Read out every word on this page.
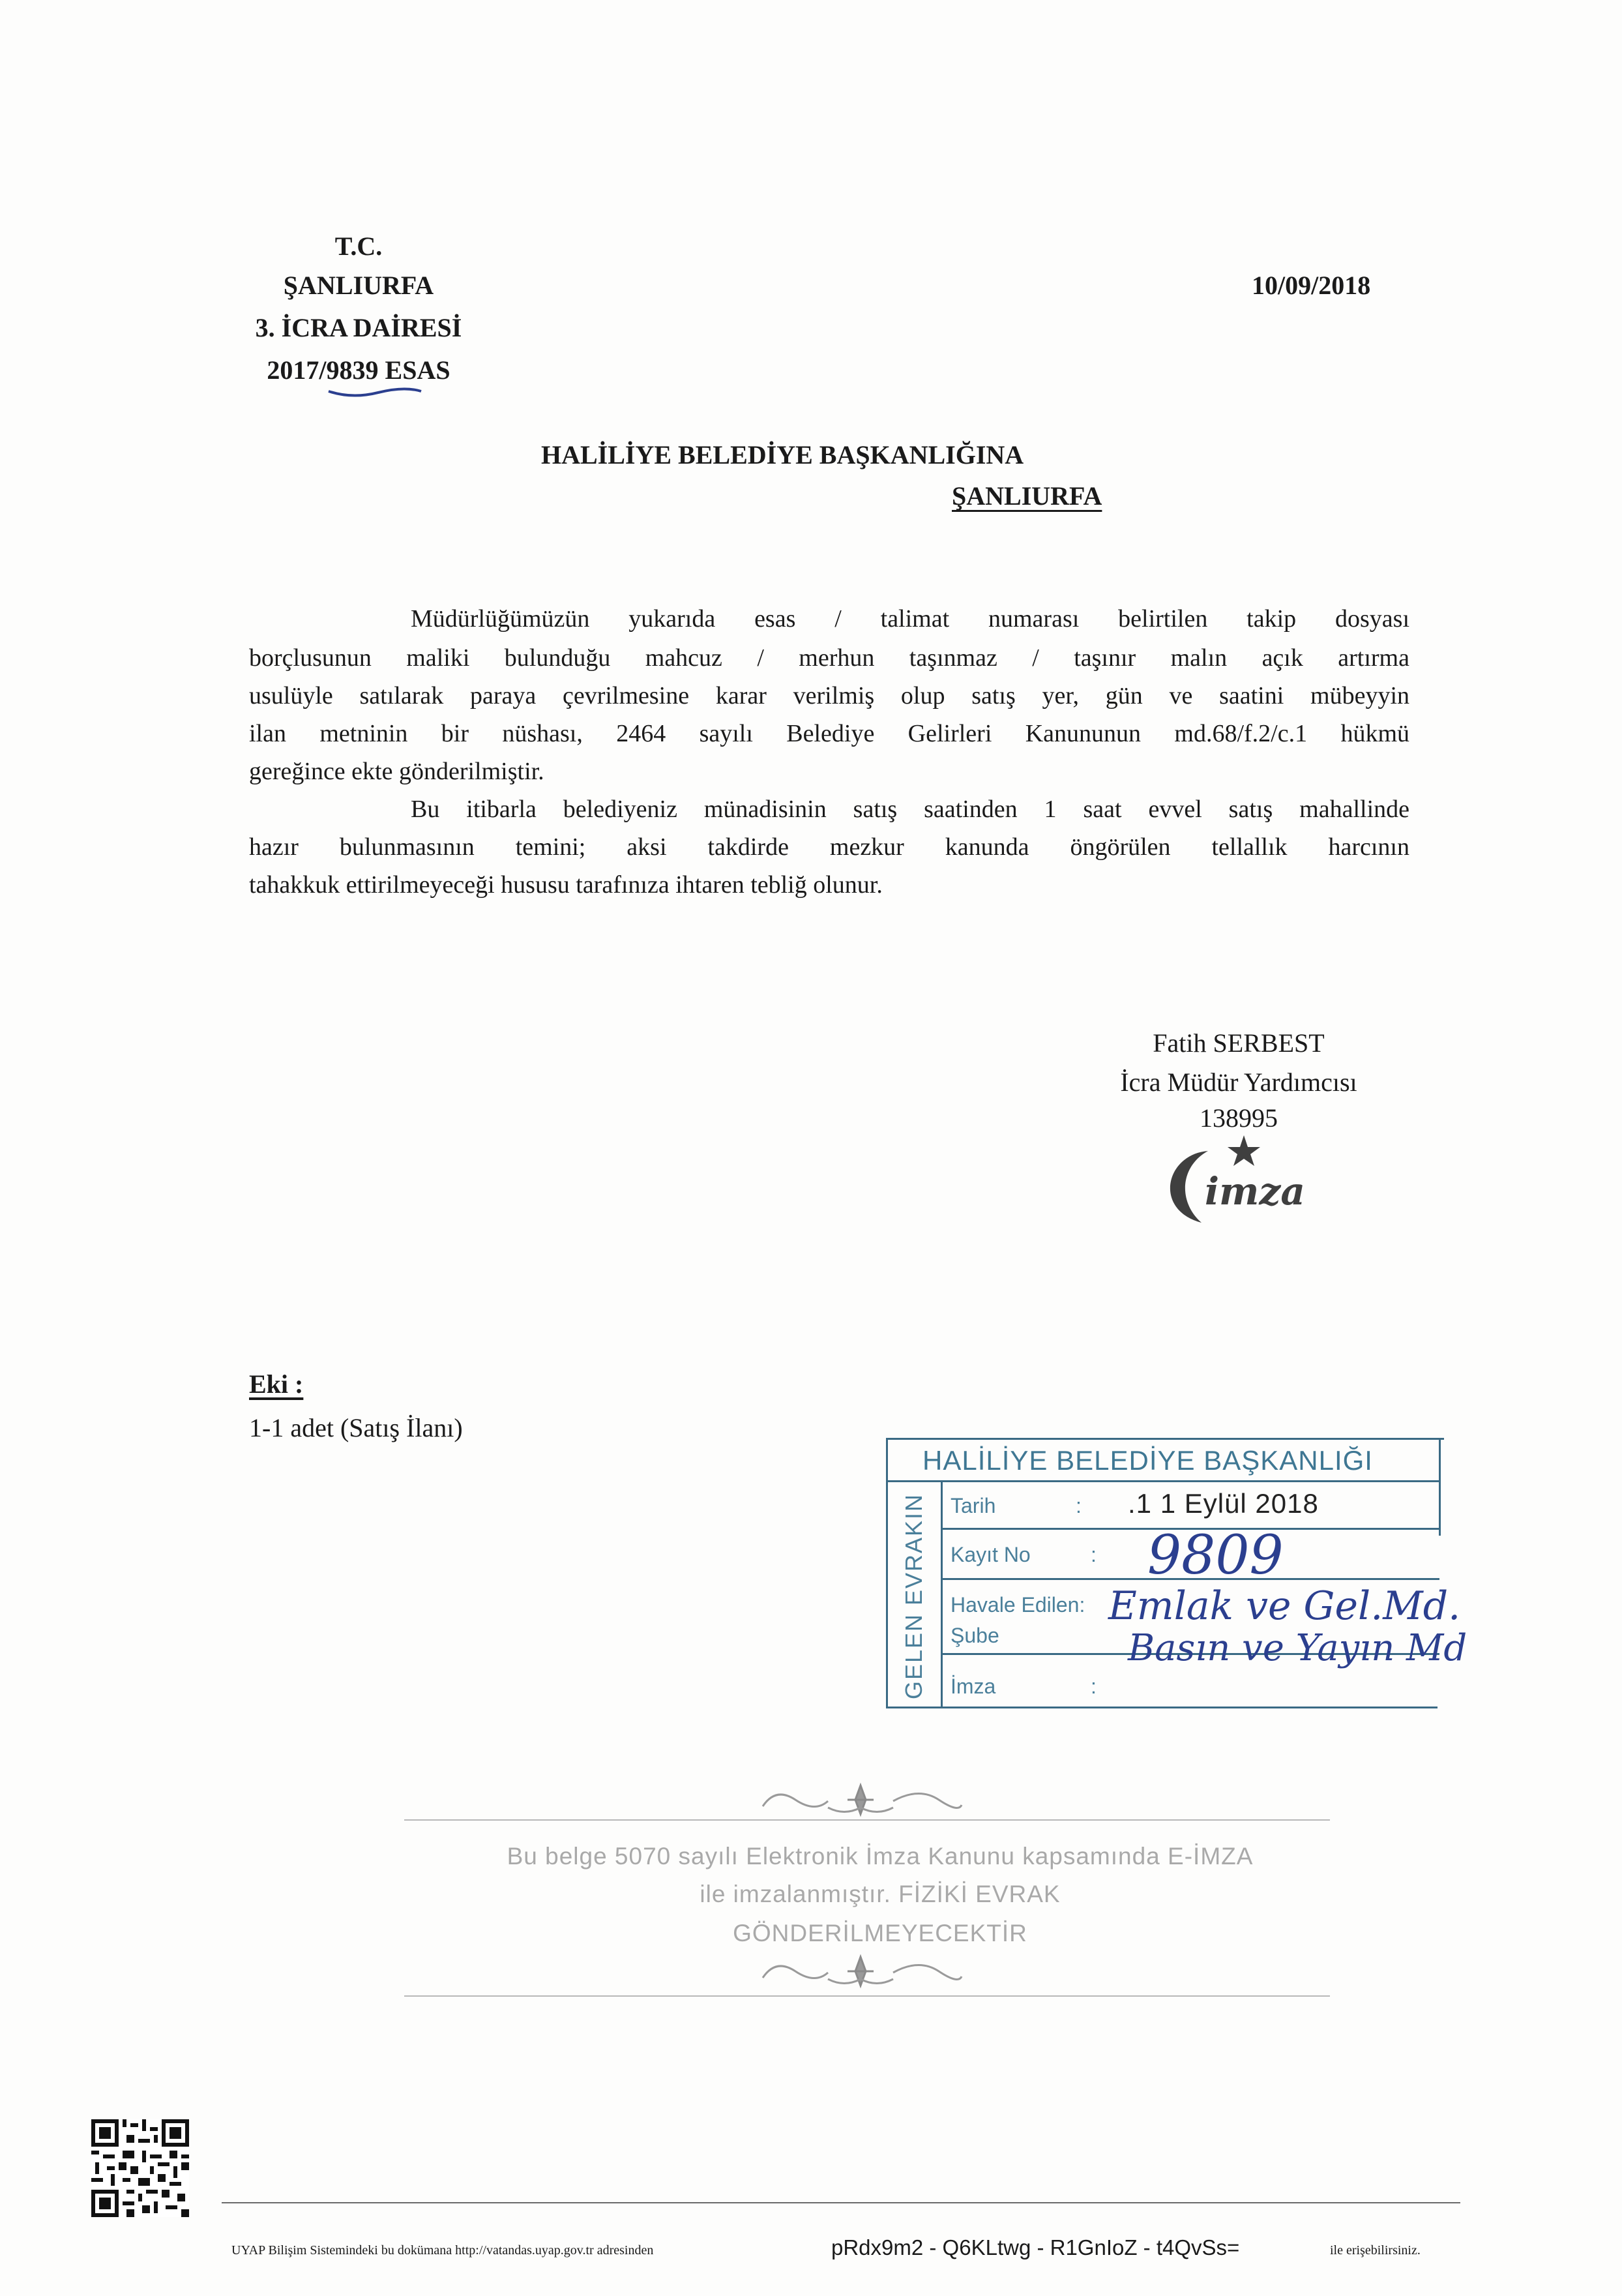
T.C.
ŞANLIURFA
3. İCRA DAİRESİ
2017/9839 ESAS
10/09/2018
HALİLİYE BELEDİYE BAŞKANLIĞINA
ŞANLIURFA
Müdürlüğümüzün yukarıda esas / talimat numarası belirtilen takip dosyası
borçlusunun maliki bulunduğu mahcuz / merhun taşınmaz / taşınır malın açık artırma
usulüyle satılarak paraya çevrilmesine karar verilmiş olup satış yer, gün ve saatini mübeyyin
ilan metninin bir nüshası, 2464 sayılı Belediye Gelirleri Kanununun md.68/f.2/c.1 hükmü
gereğince ekte gönderilmiştir.
Bu itibarla belediyeniz münadisinin satış saatinden 1 saat evvel satış mahallinde
hazır bulunmasının temini; aksi takdirde mezkur kanunda öngörülen tellallık harcının
tahakkuk ettirilmeyeceği hususu tarafınıza ihtaren tebliğ olunur.
Fatih SERBEST
İcra Müdür Yardımcısı
138995
imza
Eki :
1-1 adet (Satış İlanı)
HALİLİYE BELEDİYE BAŞKANLIĞI
GELEN EVRAKIN Tarih	: .1 1 Eylül 2018
Kayıt No	: 9809
Havale Edilen:
Şube
Emlak ve Gel.Md.
Basın ve Yayın Md
İmza	:
Bu belge 5070 sayılı Elektronik İmza Kanunu kapsamında E-İMZA
ile imzalanmıştır. FİZİKİ EVRAK
GÖNDERİLMEYECEKTİR
UYAP Bilişim Sistemindeki bu dokümana http://vatandas.uyap.gov.tr adresinden	pRdx9m2 - Q6KLtwg - R1GnIoZ - t4QvSs=	ile erişebilirsiniz.
